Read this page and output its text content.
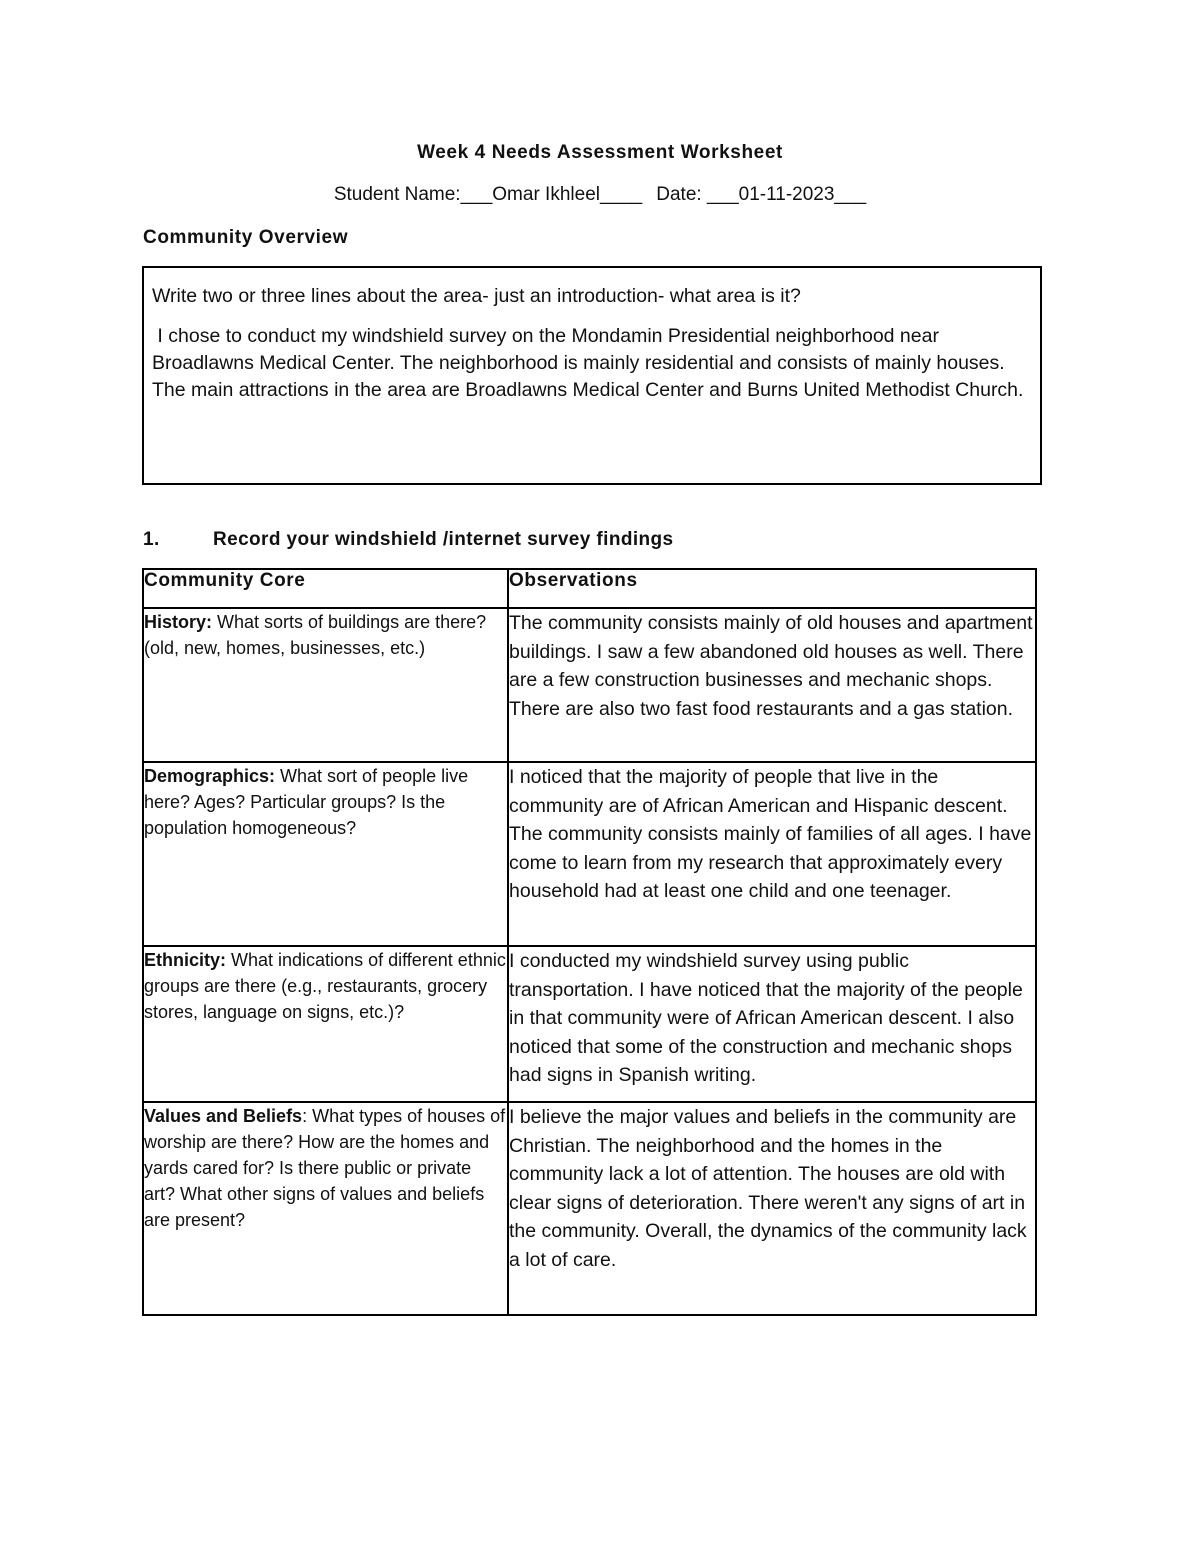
Week 4 Needs Assessment Worksheet
Student Name:___Omar Ikhleel____ Date: ___01-11-2023___
Community Overview
Write two or three lines about the area- just an introduction- what area is it?
I chose to conduct my windshield survey on the Mondamin Presidential neighborhood near Broadlawns Medical Center. The neighborhood is mainly residential and consists of mainly houses. The main attractions in the area are Broadlawns Medical Center and Burns United Methodist Church.
1.	Record your windshield /internet survey findings
Community Core	Observations
History: What sorts of buildings are there? (old, new, homes, businesses, etc.)	The community consists mainly of old houses and apartment buildings. I saw a few abandoned old houses as well. There are a few construction businesses and mechanic shops. There are also two fast food restaurants and a gas station.
Demographics: What sort of people live here? Ages? Particular groups? Is the population homogeneous?	I noticed that the majority of people that live in the community are of African American and Hispanic descent. The community consists mainly of families of all ages. I have come to learn from my research that approximately every household had at least one child and one teenager.
Ethnicity: What indications of different ethnic groups are there (e.g., restaurants, grocery stores, language on signs, etc.)?	I conducted my windshield survey using public transportation. I have noticed that the majority of the people in that community were of African American descent. I also noticed that some of the construction and mechanic shops had signs in Spanish writing.
Values and Beliefs: What types of houses of worship are there? How are the homes and yards cared for? Is there public or private art? What other signs of values and beliefs are present?	I believe the major values and beliefs in the community are Christian. The neighborhood and the homes in the community lack a lot of attention. The houses are old with clear signs of deterioration. There weren't any signs of art in the community. Overall, the dynamics of the community lack a lot of care.
